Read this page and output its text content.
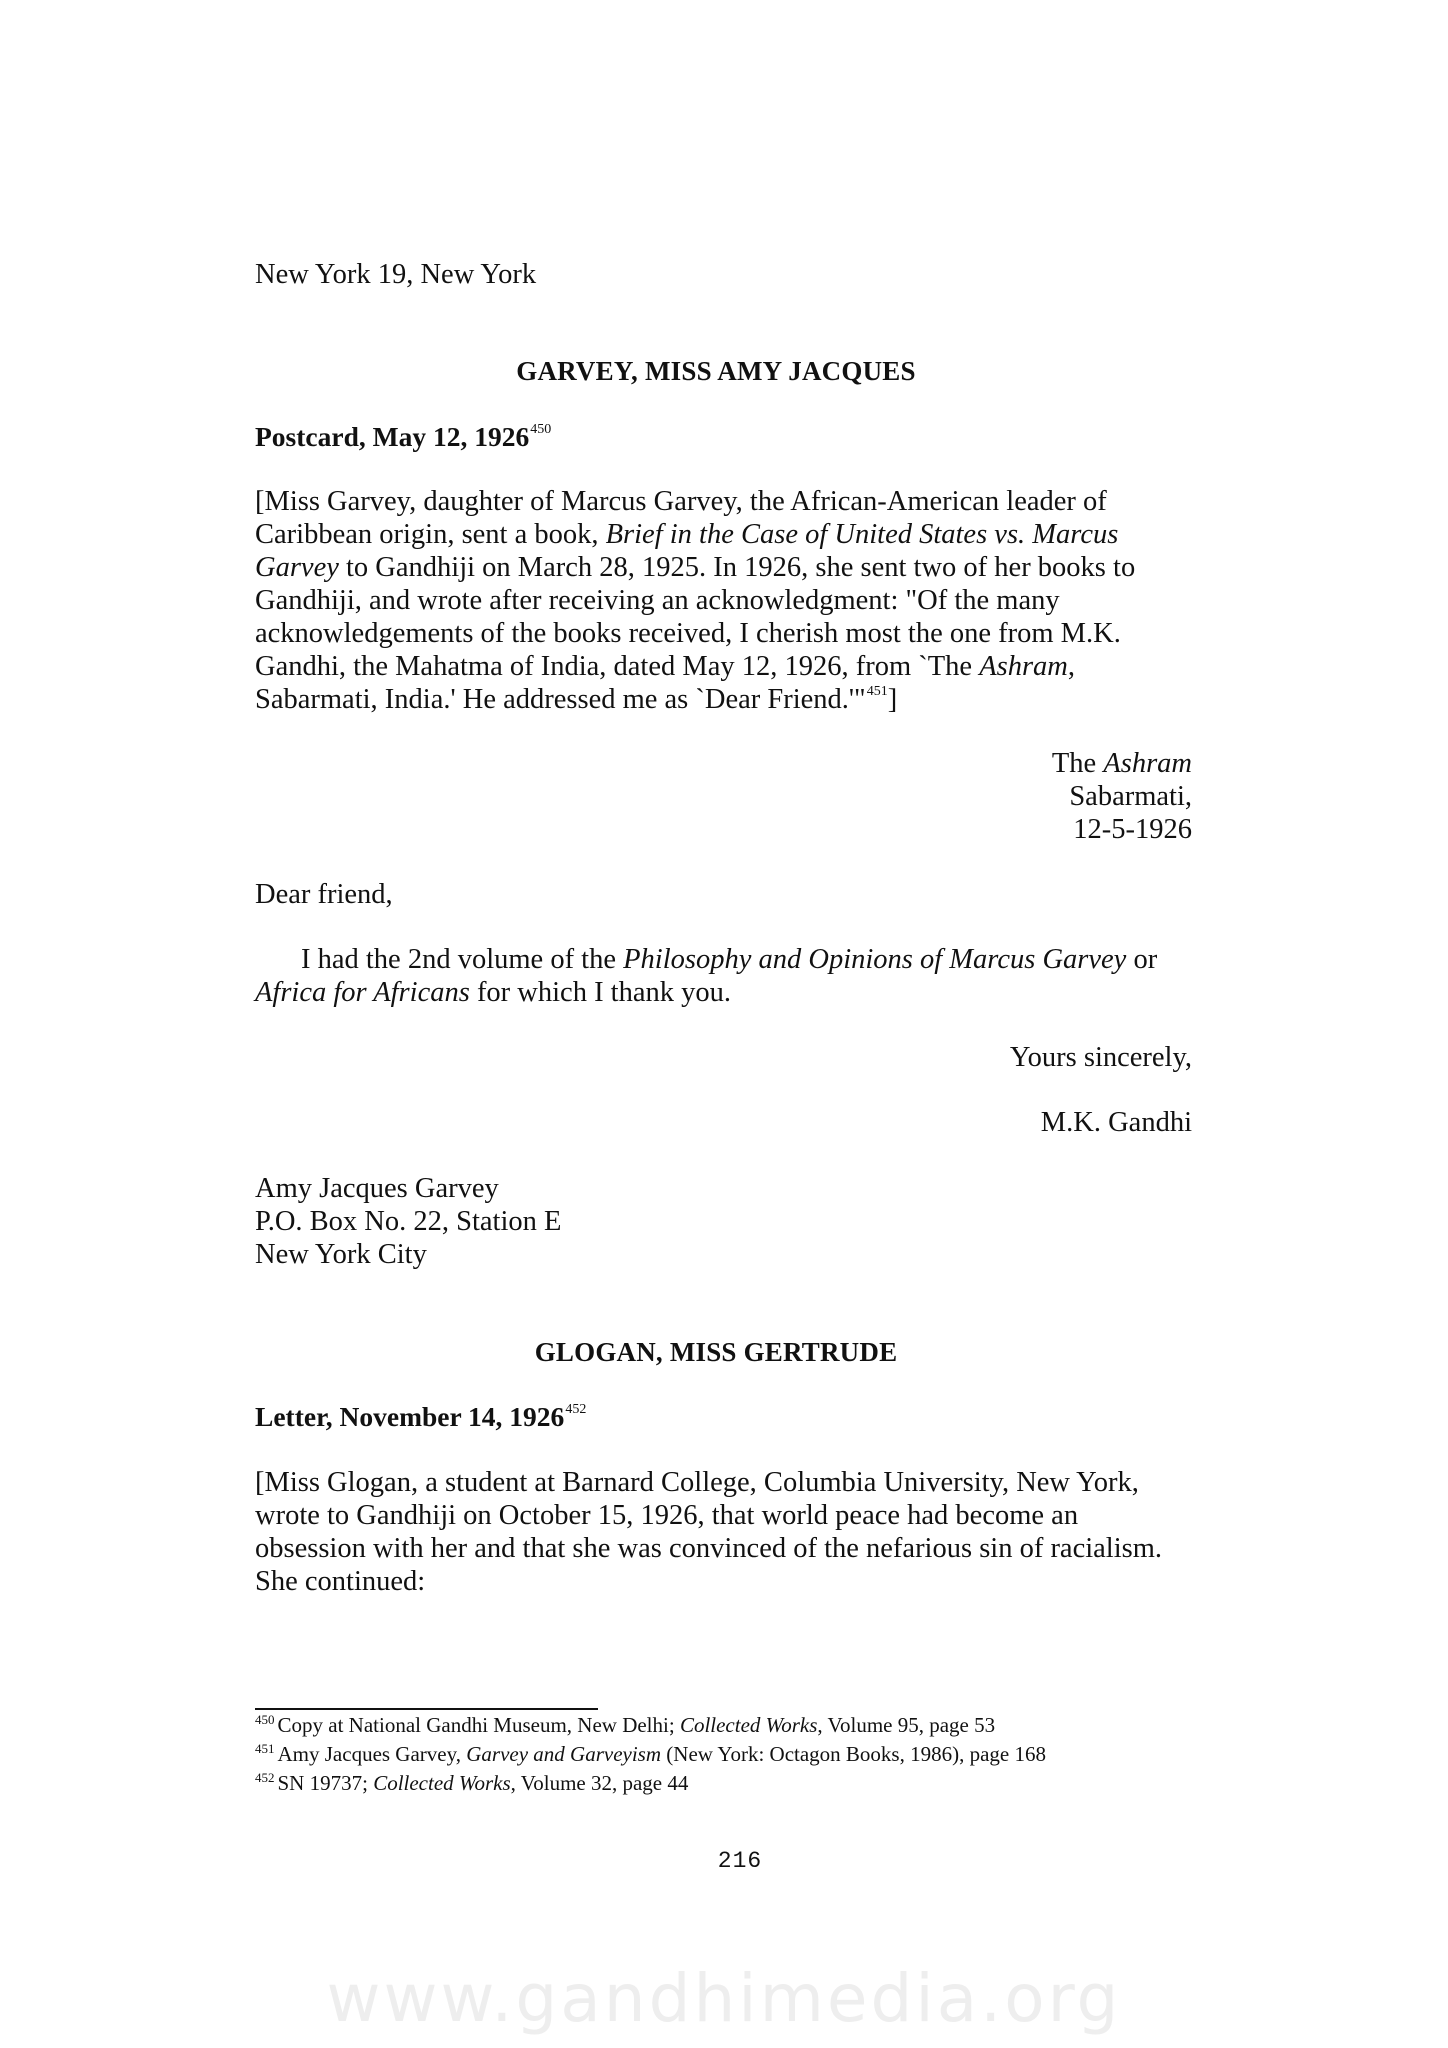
New York 19, New York

GARVEY, MISS AMY JACQUES

Postcard, May 12, 1926$^{450}$

[Miss Garvey, daughter of Marcus Garvey, the African-American leader of
Caribbean origin, sent a book, Brief in the Case of United States vs. Marcus
Garvey to Gandhiji on March 28, 1925. In 1926, she sent two of her books to
Gandhiji, and wrote after receiving an acknowledgment: "Of the many
acknowledgements of the books received, I cherish most the one from M.K.
Gandhi, the Mahatma of India, dated May 12, 1926, from `The Ashram,
Sabarmati, India.' He addressed me as `Dear Friend.'"$^{451}$]
The Ashram
Sabarmati,
12-5-1926

Dear friend,

I had the 2nd volume of the Philosophy and Opinions of Marcus Garvey or
Africa for Africans for which I thank you.

Yours sincerely,

M.K. Gandhi

Amy Jacques Garvey
P.O. Box No. 22, Station E
New York City

GLOGAN, MISS GERTRUDE

Letter, November 14, 1926$^{452}$

[Miss Glogan, a student at Barnard College, Columbia University, New York,
wrote to Gandhiji on October 15, 1926, that world peace had become an
obsession with her and that she was convinced of the nefarious sin of racialism.
She continued:
$^{450}$ Copy at National Gandhi Museum, New Delhi; Collected Works, Volume 95, page 53
$^{451}$ Amy Jacques Garvey, Garvey and Garveyism (New York: Octagon Books, 1986), page 168
$^{452}$ SN 19737; Collected Works, Volume 32, page 44

216

www.gandhimedia.org
